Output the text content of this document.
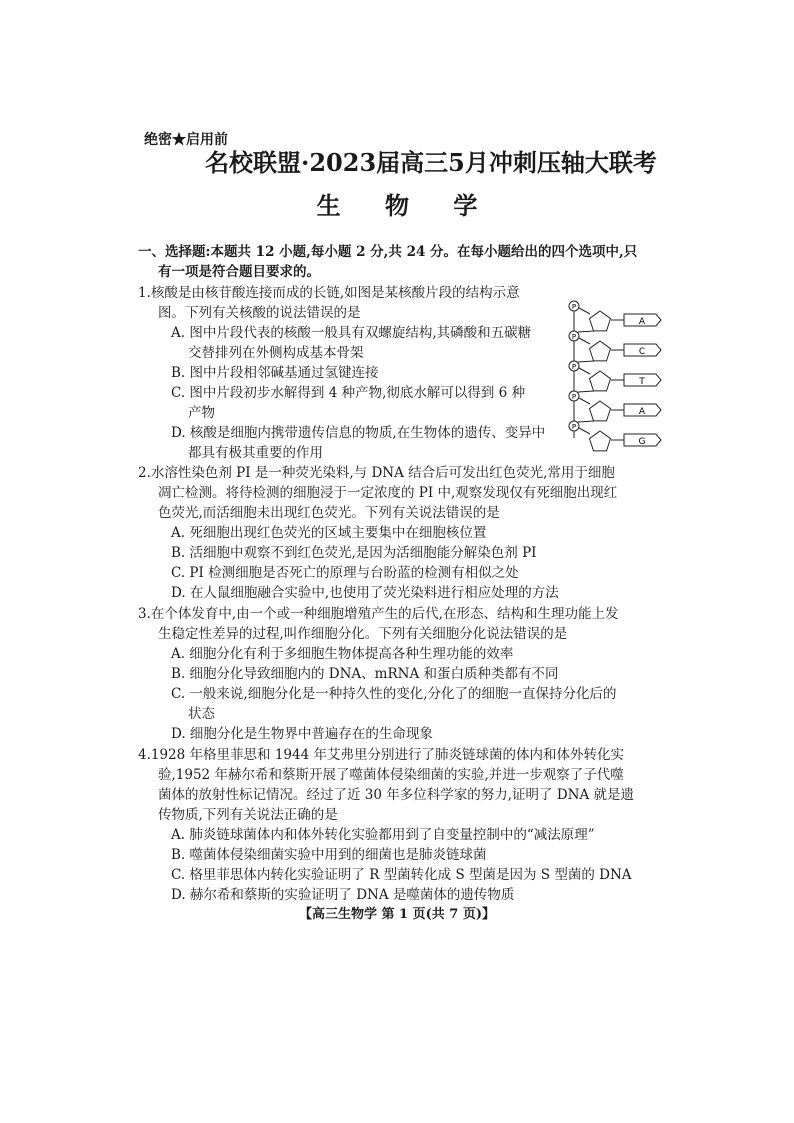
绝密★启用前
名校联盟·2023届高三5月冲刺压轴大联考
生 物 学
一、选择题:本题共 12 小题,每小题 2 分,共 24 分。在每小题给出的四个选项中,只
有一项是符合题目要求的。
1.核酸是由核苷酸连接而成的长链,如图是某核酸片段的结构示意
图。下列有关核酸的说法错误的是
A. 图中片段代表的核酸一般具有双螺旋结构,其磷酸和五碳糖
交替排列在外侧构成基本骨架
B. 图中片段相邻碱基通过氢键连接
C. 图中片段初步水解得到 4 种产物,彻底水解可以得到 6 种
产物
D. 核酸是细胞内携带遗传信息的物质,在生物体的遗传、变异中
都具有极其重要的作用
P
A
P
C
P
T
P
A
P
G
2.水溶性染色剂 PI 是一种荧光染料,与 DNA 结合后可发出红色荧光,常用于细胞
凋亡检测。将待检测的细胞浸于一定浓度的 PI 中,观察发现仅有死细胞出现红
色荧光,而活细胞未出现红色荧光。下列有关说法错误的是
A. 死细胞出现红色荧光的区域主要集中在细胞核位置
B. 活细胞中观察不到红色荧光,是因为活细胞能分解染色剂 PI
C. PI 检测细胞是否死亡的原理与台盼蓝的检测有相似之处
D. 在人鼠细胞融合实验中,也使用了荧光染料进行相应处理的方法
3.在个体发育中,由一个或一种细胞增殖产生的后代,在形态、结构和生理功能上发
生稳定性差异的过程,叫作细胞分化。下列有关细胞分化说法错误的是
A. 细胞分化有利于多细胞生物体提高各种生理功能的效率
B. 细胞分化导致细胞内的 DNA、mRNA 和蛋白质种类都有不同
C. 一般来说,细胞分化是一种持久性的变化,分化了的细胞一直保持分化后的
状态
D. 细胞分化是生物界中普遍存在的生命现象
4.1928 年格里菲思和 1944 年艾弗里分别进行了肺炎链球菌的体内和体外转化实
验,1952 年赫尔希和蔡斯开展了噬菌体侵染细菌的实验,并进一步观察了子代噬
菌体的放射性标记情况。经过了近 30 年多位科学家的努力,证明了 DNA 就是遗
传物质,下列有关说法正确的是
A. 肺炎链球菌体内和体外转化实验都用到了自变量控制中的“减法原理”
B. 噬菌体侵染细菌实验中用到的细菌也是肺炎链球菌
C. 格里菲思体内转化实验证明了 R 型菌转化成 S 型菌是因为 S 型菌的 DNA
D. 赫尔希和蔡斯的实验证明了 DNA 是噬菌体的遗传物质
【高三生物学 第 1 页(共 7 页)】
